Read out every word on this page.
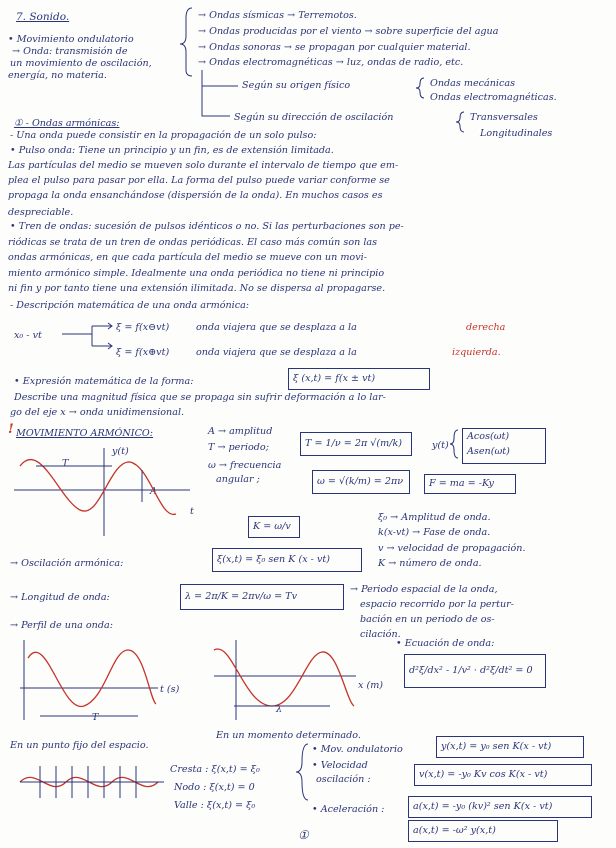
7. Sonido.
• Movimiento ondulatorio
→ Onda: transmisión de
un movimiento de oscilación,
energía, no materia.
→ Ondas sísmicas → Terremotos.
→ Ondas producidas por el viento → sobre superficie del agua
→ Ondas sonoras → se propagan por cualquier material.
→ Ondas electromagnéticas → luz, ondas de radio, etc.
Según su origen físico	Ondas mecánicas
Ondas electromagnéticas.
Según su dirección de oscilación	Transversales
Longitudinales
① - Ondas armónicas:
- Una onda puede consistir en la propagación de un solo pulso:
• Pulso onda: Tiene un principio y un fin, es de extensión limitada.
Las partículas del medio se mueven solo durante el intervalo de tiempo que em-
plea el pulso para pasar por ella. La forma del pulso puede variar conforme se
propaga la onda ensanchándose (dispersión de la onda). En muchos casos es
despreciable.
• Tren de ondas: sucesión de pulsos idénticos o no. Si las perturbaciones son pe-
riódicas se trata de un tren de ondas periódicas. El caso más común son las
ondas armónicas, en que cada partícula del medio se mueve con un movi-
miento armónico simple. Idealmente una onda periódica no tiene ni principio
ni fin y por tanto tiene una extensión ilimitada. No se dispersa al propagarse.
- Descripción matemática de una onda armónica:
x₀ - vt
ξ = f(x⊖vt)	onda viajera que se desplaza a la	derecha
ξ = f(x⊕vt)	onda viajera que se desplaza a la	izquierda.
• Expresión matemática de la forma:	ξ (x,t) = f(x ± vt)
Describe una magnitud física que se propaga sin sufrir deformación a lo lar-
go del eje x → onda unidimensional.
! MOVIMIENTO ARMÓNICO:	A → amplitud
T → periodo;
ω → frecuencia
angular ;
T = 1/ν = 2π √(m/k)	y(t)
Acos(ωt)
Asen(ωt)
ω = √(k/m) = 2πν	F = ma = -Ky
K = ω/v
ξ₀ → Amplitud de onda.
k(x-vt) → Fase de onda.
v → velocidad de propagación.
K → número de onda.
→ Oscilación armónica:	ξ(x,t) = ξ₀ sen K (x - vt)
→ Longitud de onda:	λ = 2π/K = 2πv/ω = Tv
→ Periodo espacial de la onda,
espacio recorrido por la pertur-
bación en un periodo de os-
cilación.
→ Perfil de una onda:
• Ecuación de onda:
d²ξ/dx² - 1/v² · d²ξ/dt² = 0
y(t)
T
A
t
t (s)
T
x (m)
λ
En un punto fijo del espacio.
En un momento determinado.
Cresta : ξ(x,t) = ξ₀
Nodo : ξ(x,t) = 0
Valle : ξ(x,t) = ξ₀
• Mov. ondulatorio
• Velocidad
oscilación :
• Aceleración :
y(x,t) = y₀ sen K(x - vt)
v(x,t) = -y₀ Kv cos K(x - vt)
a(x,t) = -y₀ (kv)² sen K(x - vt)
a(x,t) = -ω² y(x,t)
①
